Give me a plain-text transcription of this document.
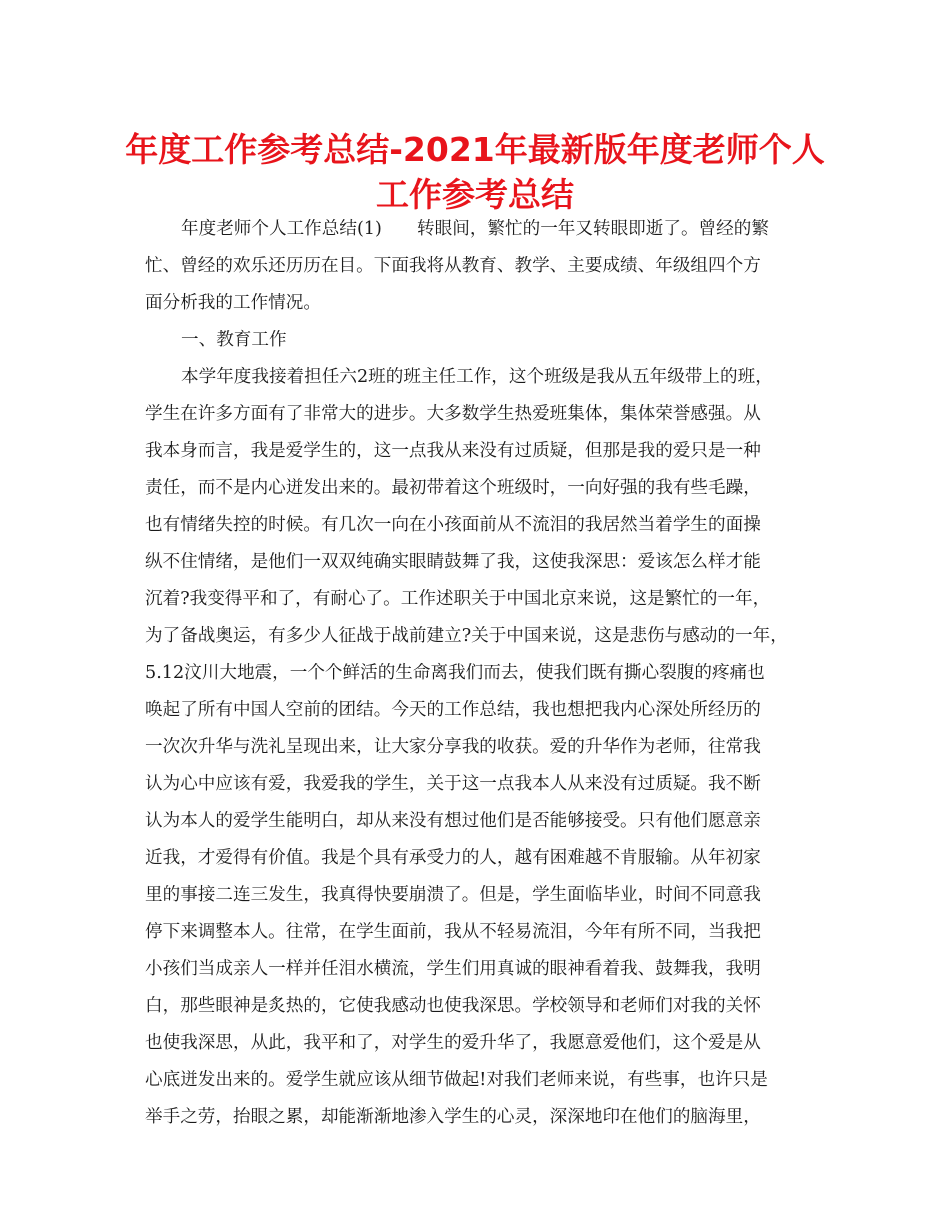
年度工作参考总结-2021年最新版年度老师个人
工作参考总结

年度老师个人工作总结(1)　　转眼间，繁忙的一年又转眼即逝了。曾经的繁

忙、曾经的欢乐还历历在目。下面我将从教育、教学、主要成绩、年级组四个方

面分析我的工作情况。

一、教育工作

本学年度我接着担任六2班的班主任工作，这个班级是我从五年级带上的班，

学生在许多方面有了非常大的进步。大多数学生热爱班集体，集体荣誉感强。从

我本身而言，我是爱学生的，这一点我从来没有过质疑，但那是我的爱只是一种

责任，而不是内心迸发出来的。最初带着这个班级时，一向好强的我有些毛躁，

也有情绪失控的时候。有几次一向在小孩面前从不流泪的我居然当着学生的面操

纵不住情绪，是他们一双双纯确实眼睛鼓舞了我，这使我深思：爱该怎么样才能

沉着?我变得平和了，有耐心了。工作述职关于中国北京来说，这是繁忙的一年，

为了备战奥运，有多少人征战于战前建立?关于中国来说，这是悲伤与感动的一年，

5.12汶川大地震，一个个鲜活的生命离我们而去，使我们既有撕心裂腹的疼痛也

唤起了所有中国人空前的团结。今天的工作总结，我也想把我内心深处所经历的

一次次升华与洗礼呈现出来，让大家分享我的收获。爱的升华作为老师，往常我

认为心中应该有爱，我爱我的学生，关于这一点我本人从来没有过质疑。我不断

认为本人的爱学生能明白，却从来没有想过他们是否能够接受。只有他们愿意亲

近我，才爱得有价值。我是个具有承受力的人，越有困难越不肯服输。从年初家

里的事接二连三发生，我真得快要崩溃了。但是，学生面临毕业，时间不同意我

停下来调整本人。往常，在学生面前，我从不轻易流泪，今年有所不同，当我把

小孩们当成亲人一样并任泪水横流，学生们用真诚的眼神看着我、鼓舞我，我明

白，那些眼神是炙热的，它使我感动也使我深思。学校领导和老师们对我的关怀

也使我深思，从此，我平和了，对学生的爱升华了，我愿意爱他们，这个爱是从

心底迸发出来的。爱学生就应该从细节做起!对我们老师来说，有些事，也许只是

举手之劳，抬眼之累，却能渐渐地渗入学生的心灵，深深地印在他们的脑海里，
